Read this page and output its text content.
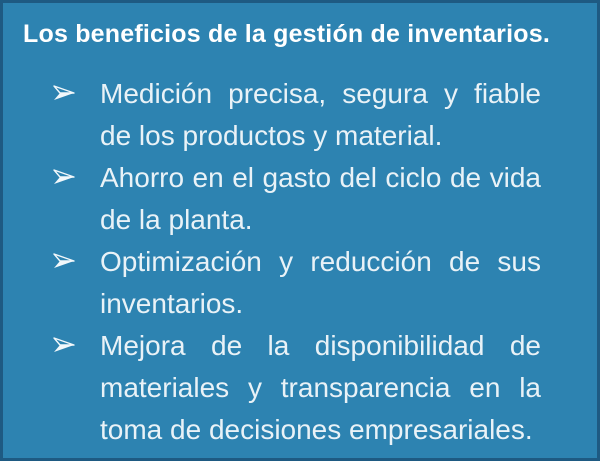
Los beneficios de la gestión de inventarios.
Medición precisa, segura y fiable de los productos y material.
Ahorro en el gasto del ciclo de vida de la planta.
Optimización y reducción de sus inventarios.
Mejora de la disponibilidad de materiales y transparencia en la toma de decisiones empresariales.
